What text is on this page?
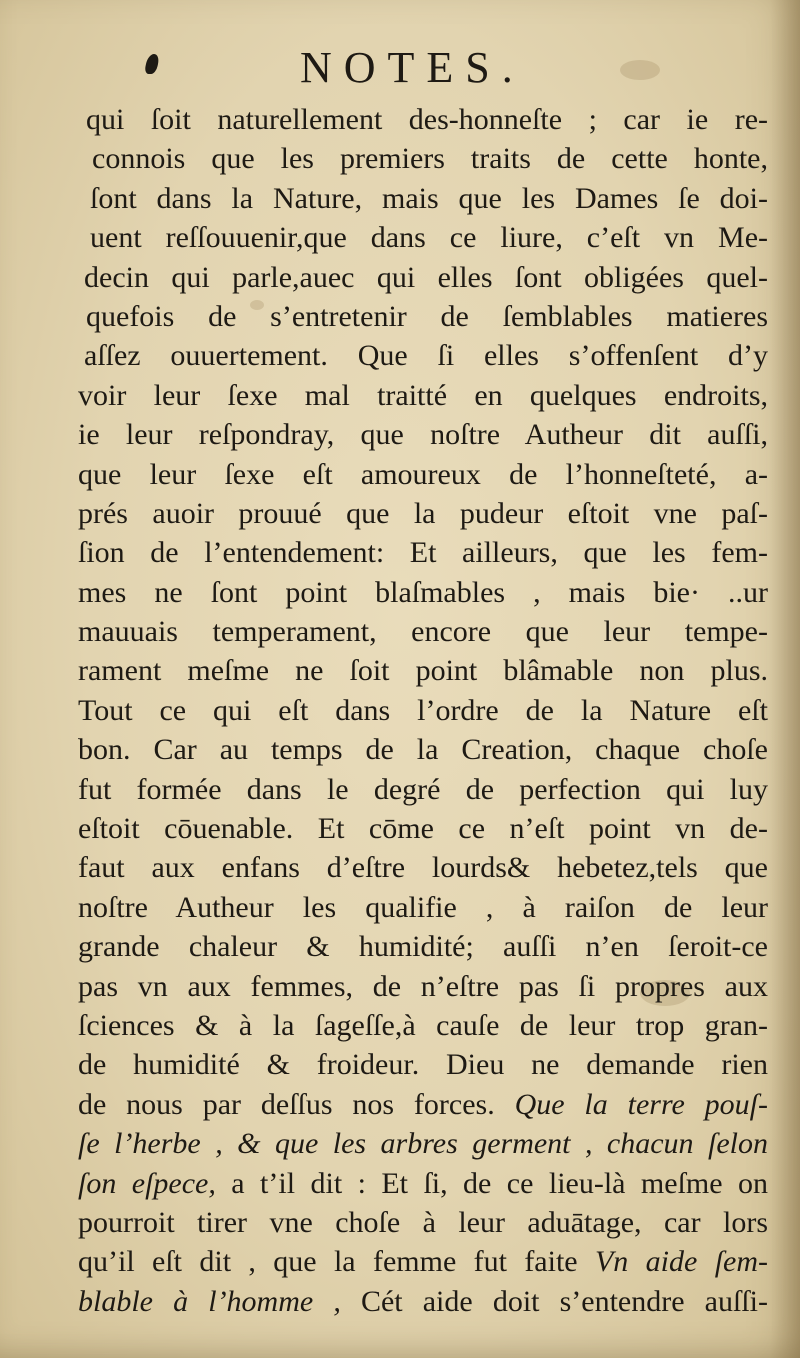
NOTES.
qui ſoit naturellement des-honneſte ; car ie re-
connois que les premiers traits de cette honte,
ſont dans la Nature, mais que les Dames ſe doi-
uent reſſouuenir,que dans ce liure, c’eſt vn Me-
decin qui parle,auec qui elles ſont obligées quel-
quefois de s’entretenir de ſemblables matieres
aſſez ouuertement. Que ſi elles s’offenſent d’y
voir leur ſexe mal traitté en quelques endroits,
ie leur reſpondray, que noſtre Autheur dit auſſi,
que leur ſexe eſt amoureux de l’honneſteté, a-
prés auoir prouué que la pudeur eſtoit vne paſ-
ſion de l’entendement: Et ailleurs, que les fem-
mes ne ſont point blaſmables , mais bie· ..ur
mauuais temperament, encore que leur tempe-
rament meſme ne ſoit point blâmable non plus.
Tout ce qui eſt dans l’ordre de la Nature eſt
bon. Car au temps de la Creation, chaque choſe
fut formée dans le degré de perfection qui luy
eſtoit cōuenable. Et cōme ce n’eſt point vn de-
faut aux enfans d’eſtre lourds& hebetez,tels que
noſtre Autheur les qualifie , à raiſon de leur
grande chaleur & humidité; auſſi n’en ſeroit-ce
pas vn aux femmes, de n’eſtre pas ſi propres aux
ſciences & à la ſageſſe,à cauſe de leur trop gran-
de humidité & froideur. Dieu ne demande rien
de nous par deſſus nos forces. Que la terre pouſ-
ſe l’herbe , & que les arbres germent , chacun ſelon
ſon eſpece, a t’il dit : Et ſi, de ce lieu-là meſme on
pourroit tirer vne choſe à leur aduātage, car lors
qu’il eſt dit , que la femme fut faite Vn aide ſem-
blable à l’homme , Cét aide doit s’entendre auſſi-
